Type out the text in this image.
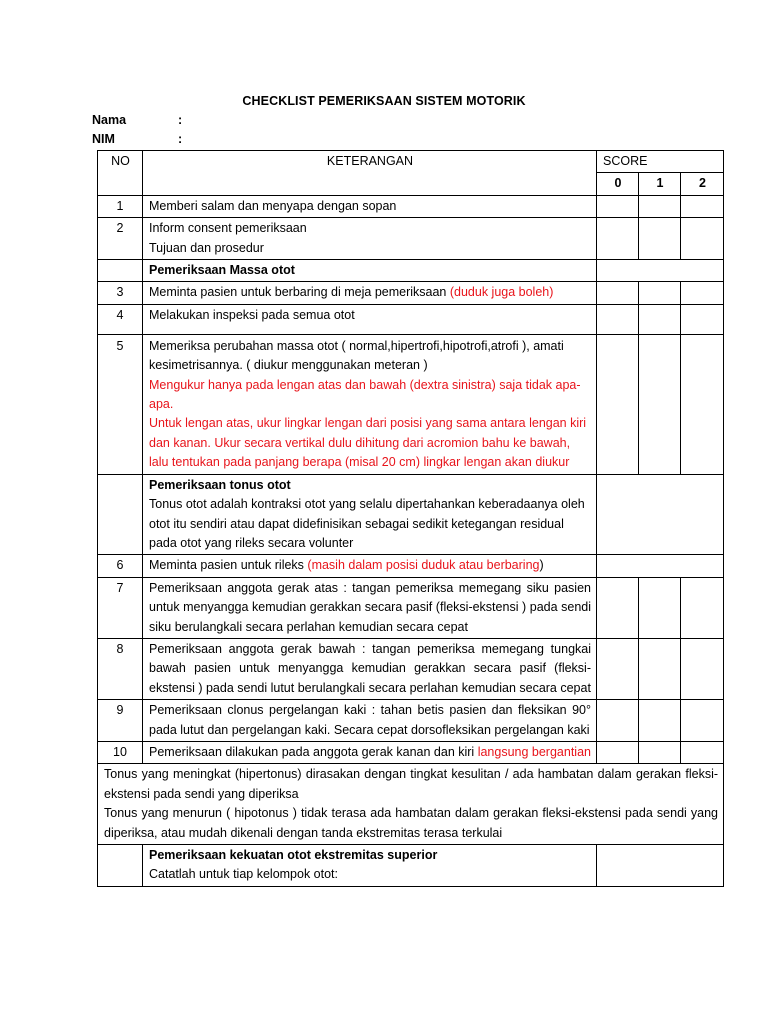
CHECKLIST PEMERIKSAAN SISTEM MOTORIK
Nama	:
NIM	:
NO	KETERANGAN	SCORE		
		0	1	2
1	Memberi salam dan menyapa dengan sopan			
2	Inform consent pemeriksaan
Tujuan dan prosedur			

	Pemeriksaan Massa otot			
3	Meminta pasien untuk berbaring di meja pemeriksaan (duduk juga boleh)			
4	Melakukan inspeksi pada semua otot			
5	Memeriksa perubahan massa otot ( normal,hipertrofi,hipotrofi,atrofi ), amati kesimetrisannya. ( diukur menggunakan meteran )
Mengukur hanya pada lengan atas dan bawah (dextra sinistra) saja tidak apa-apa.
Untuk lengan atas, ukur lingkar lengan dari posisi yang sama antara lengan kiri dan kanan. Ukur secara vertikal dulu dihitung dari acromion bahu ke bawah, lalu tentukan pada panjang berapa (misal 20 cm) lingkar lengan akan diukur			

	Pemeriksaan tonus otot
Tonus otot adalah kontraksi otot yang selalu dipertahankan keberadaanya oleh otot itu sendiri atau dapat didefinisikan sebagai sedikit ketegangan residual pada otot yang rileks secara volunter			

6	Meminta pasien untuk rileks (masih dalam posisi duduk atau berbaring)			
7	Pemeriksaan anggota gerak atas : tangan pemeriksa memegang siku pasien untuk menyangga kemudian gerakkan secara pasif (fleksi-ekstensi ) pada sendi siku berulangkali secara perlahan kemudian secara cepat			
8	Pemeriksaan anggota gerak bawah : tangan pemeriksa memegang tungkai bawah pasien untuk menyangga kemudian gerakkan secara pasif (fleksi-ekstensi ) pada sendi lutut berulangkali secara perlahan kemudian secara cepat			
9	Pemeriksaan clonus pergelangan kaki : tahan betis pasien dan fleksikan 90° pada lutut dan pergelangan kaki. Secara cepat dorsofleksikan pergelangan kaki			
10	Pemeriksaan dilakukan pada anggota gerak kanan dan kiri langsung bergantian			

Tonus yang meningkat (hipertonus) dirasakan dengan tingkat kesulitan / ada hambatan dalam gerakan fleksi-ekstensi pada sendi yang diperiksa
Tonus yang menurun ( hipotonus ) tidak terasa ada hambatan dalam gerakan fleksi-ekstensi pada sendi yang diperiksa, atau mudah dikenali dengan tanda ekstremitas terasa terkulai				

	Pemeriksaan kekuatan otot ekstremitas superior
Catatlah untuk tiap kelompok otot:			
